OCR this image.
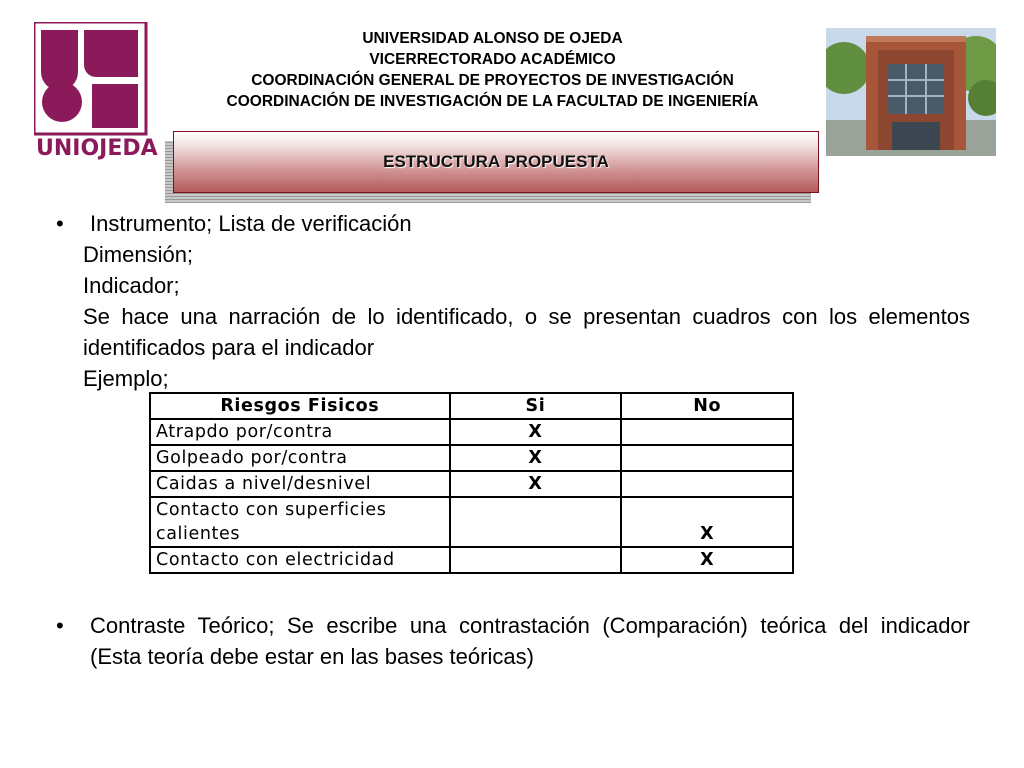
UNIOJEDA
UNIVERSIDAD ALONSO DE OJEDA
VICERRECTORADO ACADÉMICO
COORDINACIÓN GENERAL DE PROYECTOS DE INVESTIGACIÓN
COORDINACIÓN DE INVESTIGACIÓN DE LA FACULTAD DE INGENIERÍA
ESTRUCTURA PROPUESTA
• Instrumento; Lista de verificación
Dimensión;
Indicador;
Se hace una narración de lo identificado, o se presentan cuadros con los elementos identificados para el indicador
Ejemplo;
Riesgos Fisicos	Si	No
Atrapdo por/contra	X	
Golpeado por/contra	X	
Caidas a nivel/desnivel	X	
Contacto con superficies calientes		X
Contacto con electricidad		X
• Contraste Teórico; Se escribe una contrastación (Comparación) teórica del indicador (Esta teoría debe estar en las bases teóricas)
